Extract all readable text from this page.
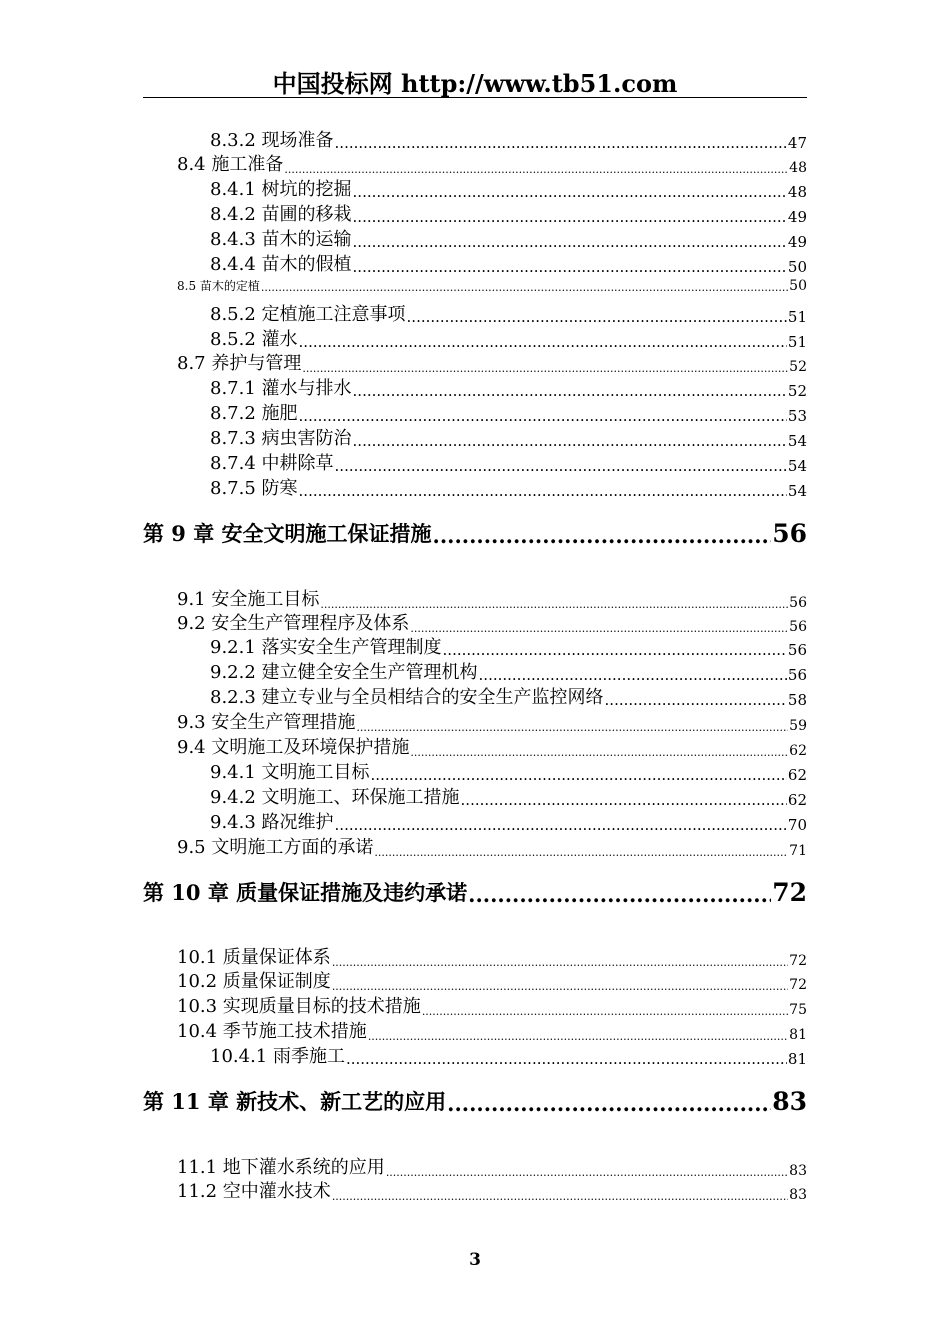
中国投标网 http://www.tb51.com
8.3.2 现场准备 .....	47
8.4 施工准备 .....	48
8.4.1 树坑的挖掘 .....	48
8.4.2 苗圃的移栽 .....	49
8.4.3 苗木的运输 .....	49
8.4.4 苗木的假植 .....	50
8.5 苗木的定植 .....	50
8.5.2 定植施工注意事项 .....	51
8.5.2 灌水 .....	51
8.7 养护与管理 .....	52
8.7.1 灌水与排水 .....	52
8.7.2 施肥 .....	53
8.7.3 病虫害防治 .....	54
8.7.4 中耕除草 .....	54
8.7.5 防寒 .....	54
第 9 章 安全文明施工保证措施 .....	56
9.1 安全施工目标 .....	56
9.2 安全生产管理程序及体系 .....	56
9.2.1 落实安全生产管理制度 .....	56
9.2.2 建立健全安全生产管理机构 .....	56
8.2.3 建立专业与全员相结合的安全生产监控网络 .....	58
9.3 安全生产管理措施 .....	59
9.4 文明施工及环境保护措施 .....	62
9.4.1 文明施工目标 .....	62
9.4.2 文明施工、环保施工措施 .....	62
9.4.3 路况维护 .....	70
9.5 文明施工方面的承诺 .....	71
第 10 章 质量保证措施及违约承诺 .....	72
10.1 质量保证体系 .....	72
10.2 质量保证制度 .....	72
10.3 实现质量目标的技术措施 .....	75
10.4 季节施工技术措施 .....	81
10.4.1 雨季施工 .....	81
第 11 章 新技术、新工艺的应用 .....	83
11.1 地下灌水系统的应用 .....	83
11.2 空中灌水技术 .....	83
3
